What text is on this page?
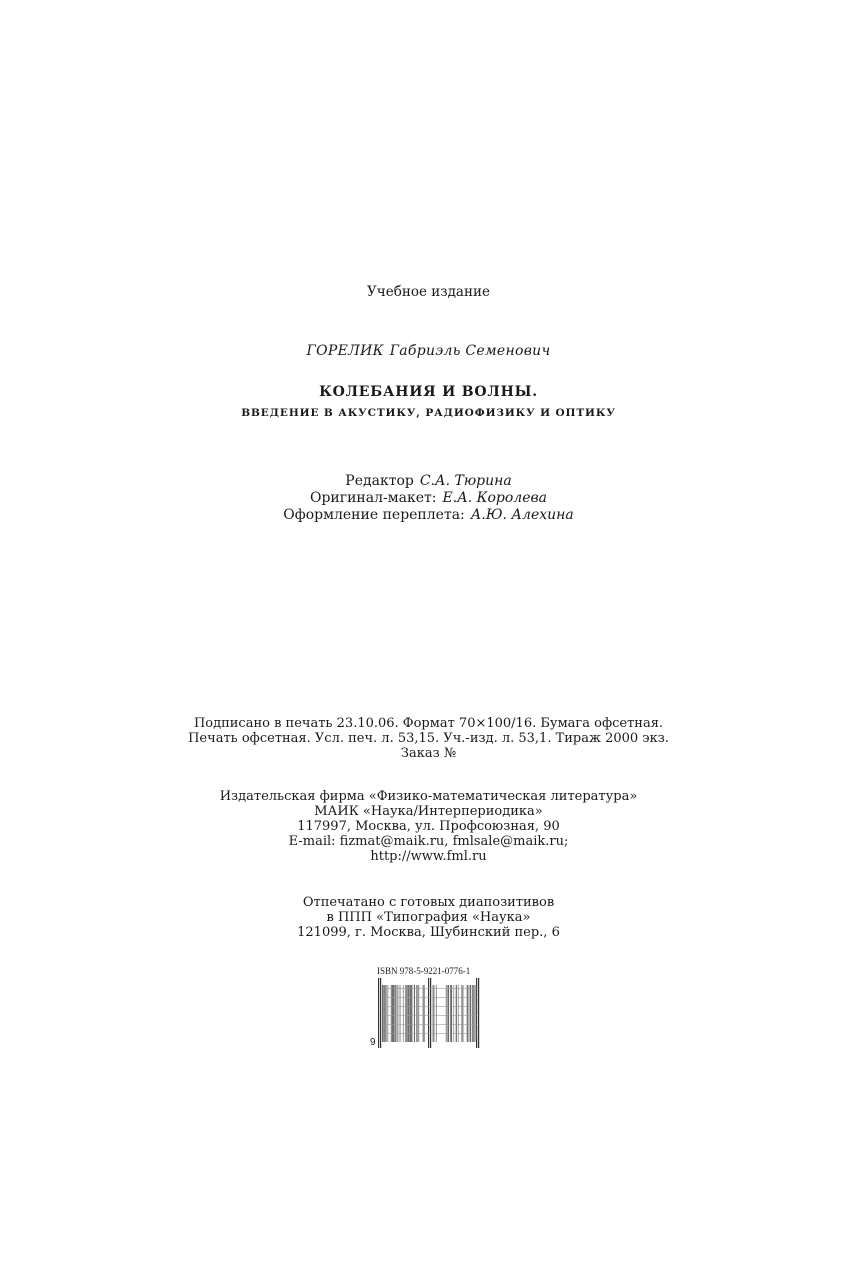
Учебное издание
ГОРЕЛИК Габриэль Семенович
КОЛЕБАНИЯ И ВОЛНЫ.
ВВЕДЕНИЕ В АКУСТИКУ, РАДИОФИЗИКУ И ОПТИКУ
Редактор С.А. Тюрина
Оригинал-макет: Е.А. Королева
Оформление переплета: А.Ю. Алехина
Подписано в печать 23.10.06. Формат 70×100/16. Бумага офсетная.
Печать офсетная. Усл. печ. л. 53,15. Уч.-изд. л. 53,1. Тираж 2000 экз.
Заказ №
Издательская фирма «Физико-математическая литература»
МАИК «Наука/Интерпериодика»
117997, Москва, ул. Профсоюзная, 90
E-mail: fizmat@maik.ru, fmlsale@maik.ru;
http://www.fml.ru
Отпечатано с готовых диапозитивов
в ППП «Типография «Наука»
121099, г. Москва, Шубинский пер., 6
ISBN 978-5-9221-0776-1
9
